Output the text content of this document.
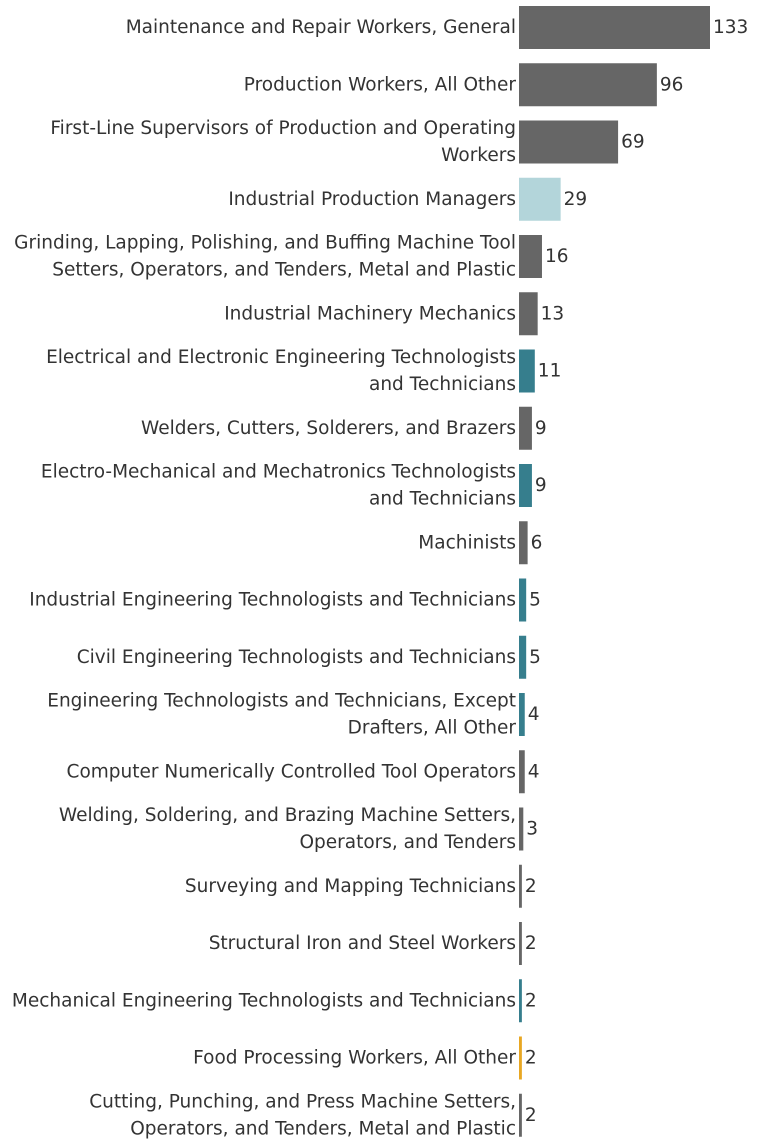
Maintenance and Repair Workers, General
Production Workers, All Other
First-Line Supervisors of Production and Operating Workers
Industrial Production Managers
Grinding, Lapping, Polishing, and Buffing Machine Tool Setters, Operators, and Tenders, Metal and Plastic
Industrial Machinery Mechanics
Electrical and Electronic Engineering Technologists and Technicians
Welders, Cutters, Solderers, and Brazers
Electro-Mechanical and Mechatronics Technologists and Technicians
Machinists
Industrial Engineering Technologists and Technicians
Civil Engineering Technologists and Technicians
Engineering Technologists and Technicians, Except Drafters, All Other
Computer Numerically Controlled Tool Operators
Welding, Soldering, and Brazing Machine Setters, Operators, and Tenders
Surveying and Mapping Technicians
Structural Iron and Steel Workers
Mechanical Engineering Technologists and Technicians
Food Processing Workers, All Other
Cutting, Punching, and Press Machine Setters, Operators, and Tenders, Metal and Plastic
133
96
69
29
16
13
11
9
9
6
5
5
4
4
3
2
2
2
2
2
